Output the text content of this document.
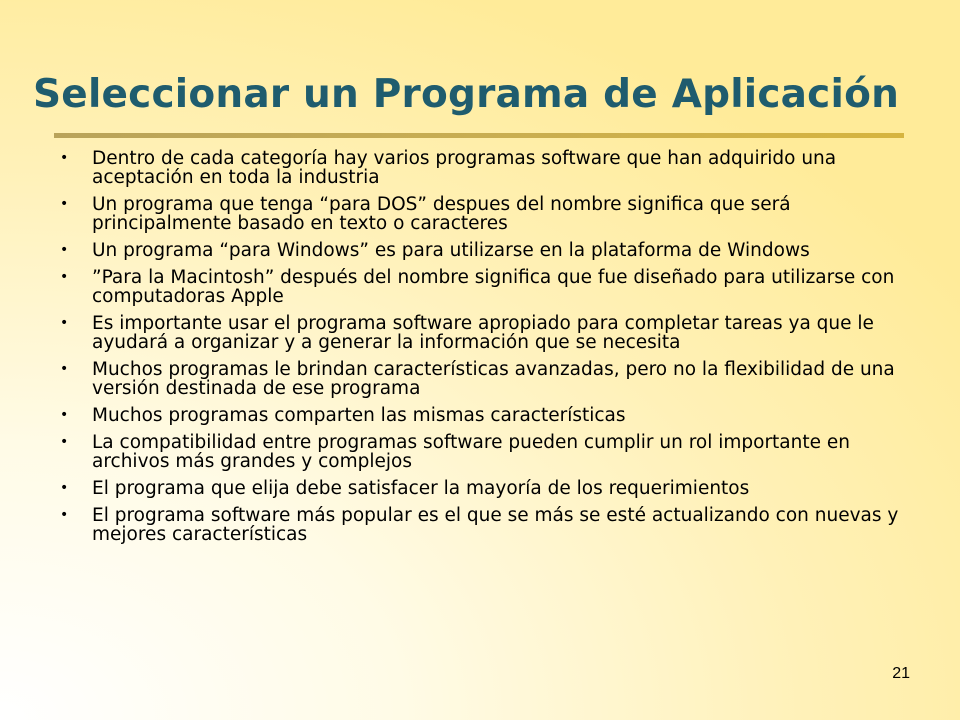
Seleccionar un Programa de Aplicación
•	Dentro de cada categoría hay varios programas software que han adquirido una aceptación en toda la industria
•	Un programa que tenga “para DOS” despues del nombre significa que será principalmente basado en texto o caracteres
•	Un programa “para Windows” es para utilizarse en la plataforma de Windows
•	”Para la Macintosh” después del nombre significa que fue diseñado para utilizarse con computadoras Apple
•	Es importante usar el programa software apropiado para completar tareas ya que le ayudará a organizar y a generar la información que se necesita
•	Muchos programas le brindan características avanzadas, pero no la flexibilidad de una versión destinada de ese programa
•	Muchos programas comparten las mismas características
•	La compatibilidad entre programas software pueden cumplir un rol importante en archivos más grandes y complejos
•	El programa que elija debe satisfacer la mayoría de los requerimientos
•	El programa software más popular es el que se más se esté actualizando con nuevas y mejores características
21
